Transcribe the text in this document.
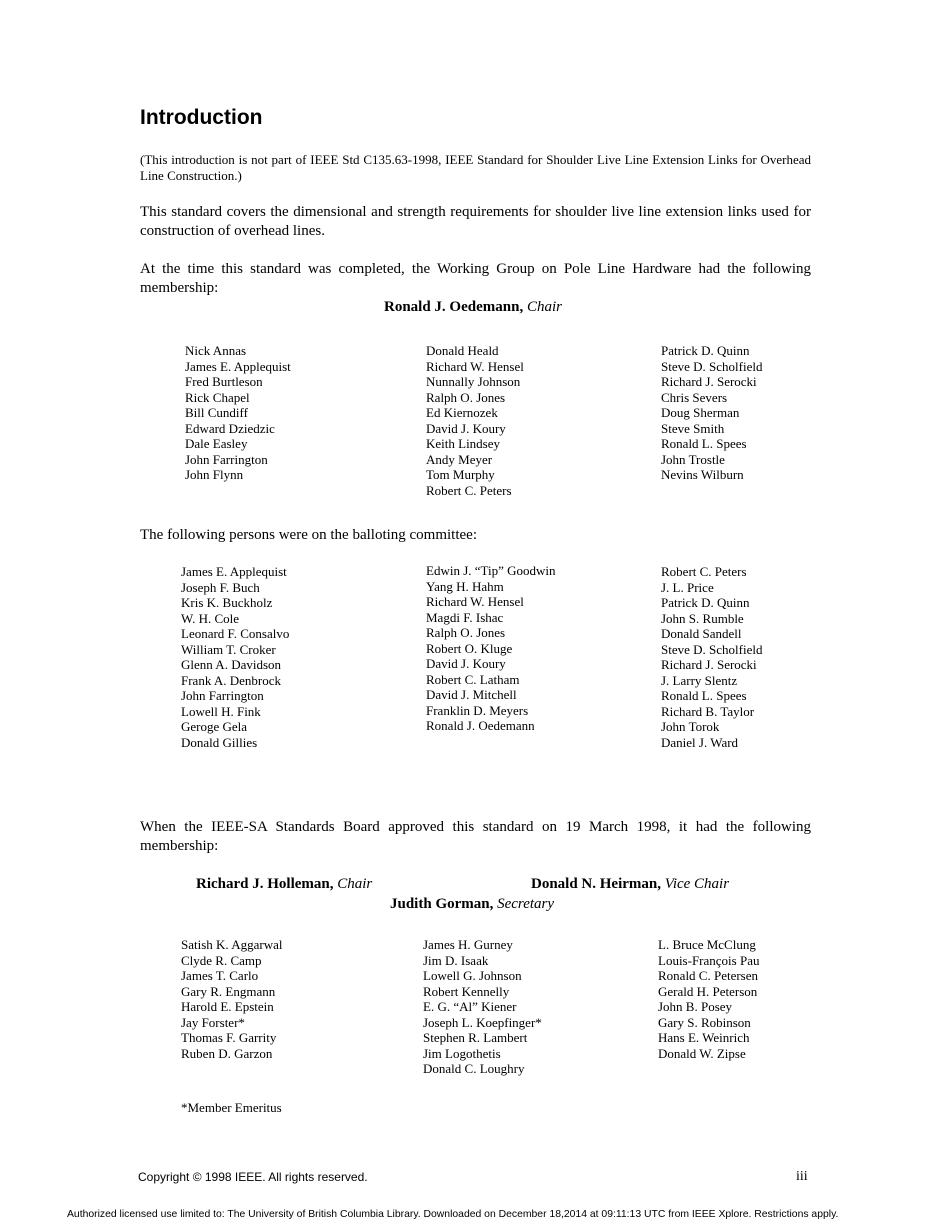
Introduction
(This introduction is not part of IEEE Std C135.63-1998, IEEE Standard for Shoulder Live Line Extension Links for Overhead Line Construction.)
This standard covers the dimensional and strength requirements for shoulder live line extension links used for construction of overhead lines.
At the time this standard was completed, the Working Group on Pole Line Hardware had the following membership:
Ronald J. Oedemann, Chair
Nick Annas
James E. Applequist
Fred Burtleson
Rick Chapel
Bill Cundiff
Edward Dziedzic
Dale Easley
John Farrington
John Flynn
Donald Heald
Richard W. Hensel
Nunnally Johnson
Ralph O. Jones
Ed Kiernozek
David J. Koury
Keith Lindsey
Andy Meyer
Tom Murphy
Robert C. Peters
Patrick D. Quinn
Steve D. Scholfield
Richard J. Serocki
Chris Severs
Doug Sherman
Steve Smith
Ronald L. Spees
John Trostle
Nevins Wilburn
The following persons were on the balloting committee:
James E. Applequist
Joseph F. Buch
Kris K. Buckholz
W. H. Cole
Leonard F. Consalvo
William T. Croker
Glenn A. Davidson
Frank A. Denbrock
John Farrington
Lowell H. Fink
Geroge Gela
Donald Gillies
Edwin J. “Tip” Goodwin
Yang H. Hahm
Richard W. Hensel
Magdi F. Ishac
Ralph O. Jones
Robert O. Kluge
David J. Koury
Robert C. Latham
David J. Mitchell
Franklin D. Meyers
Ronald J. Oedemann
Robert C. Peters
J. L. Price
Patrick D. Quinn
John S. Rumble
Donald Sandell
Steve D. Scholfield
Richard J. Serocki
J. Larry Slentz
Ronald L. Spees
Richard B. Taylor
John Torok
Daniel J. Ward
When the IEEE-SA Standards Board approved this standard on 19 March 1998, it had the following membership:
Richard J. Holleman, Chair	Donald N. Heirman, Vice Chair
Judith Gorman, Secretary
Satish K. Aggarwal
Clyde R. Camp
James T. Carlo
Gary R. Engmann
Harold E. Epstein
Jay Forster*
Thomas F. Garrity
Ruben D. Garzon
James H. Gurney
Jim D. Isaak
Lowell G. Johnson
Robert Kennelly
E. G. “Al” Kiener
Joseph L. Koepfinger*
Stephen R. Lambert
Jim Logothetis
Donald C. Loughry
L. Bruce McClung
Louis-François Pau
Ronald C. Petersen
Gerald H. Peterson
John B. Posey
Gary S. Robinson
Hans E. Weinrich
Donald W. Zipse
*Member Emeritus
Copyright © 1998 IEEE. All rights reserved.	iii
Authorized licensed use limited to: The University of British Columbia Library. Downloaded on December 18,2014 at 09:11:13 UTC from IEEE Xplore. Restrictions apply.
